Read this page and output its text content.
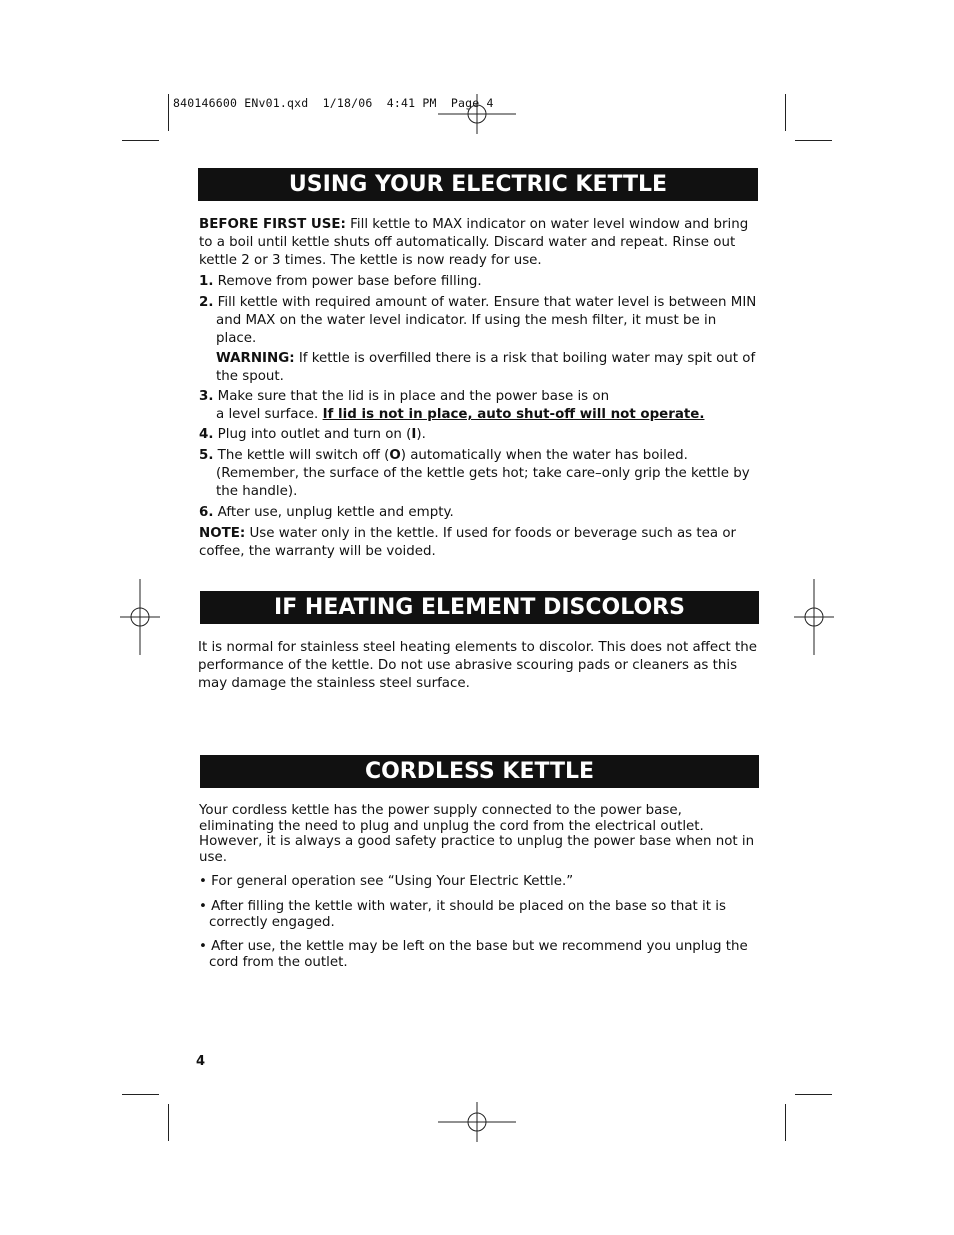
840146600 ENv01.qxd  1/18/06  4:41 PM  Page 4
USING YOUR ELECTRIC KETTLE

BEFORE FIRST USE: Fill kettle to MAX indicator on water level window and bring to a boil until kettle shuts off automatically. Discard water and repeat. Rinse out kettle 2 or 3 times. The kettle is now ready for use.

1. Remove from power base before filling.

2. Fill kettle with required amount of water. Ensure that water level is between MIN and MAX on the water level indicator. If using the mesh filter, it must be in place.

WARNING: If kettle is overfilled there is a risk that boiling water may spit out of the spout.

3. Make sure that the lid is in place and the power base is on
a level surface. If lid is not in place, auto shut-off will not operate.

4. Plug into outlet and turn on (I).

5. The kettle will switch off (O) automatically when the water has boiled. (Remember, the surface of the kettle gets hot; take care–only grip the kettle by the handle).

6. After use, unplug kettle and empty.

NOTE: Use water only in the kettle. If used for foods or beverage such as tea or coffee, the warranty will be voided.

IF HEATING ELEMENT DISCOLORS

It is normal for stainless steel heating elements to discolor. This does not affect the performance of the kettle. Do not use abrasive scouring pads or cleaners as this may damage the stainless steel surface.

CORDLESS KETTLE

Your cordless kettle has the power supply connected to the power base, eliminating the need to plug and unplug the cord from the electrical outlet. However, it is always a good safety practice to unplug the power base when not in use.

• For general operation see “Using Your Electric Kettle.”

• After filling the kettle with water, it should be placed on the base so that it is correctly engaged.

• After use, the kettle may be left on the base but we recommend you unplug the cord from the outlet.

4
